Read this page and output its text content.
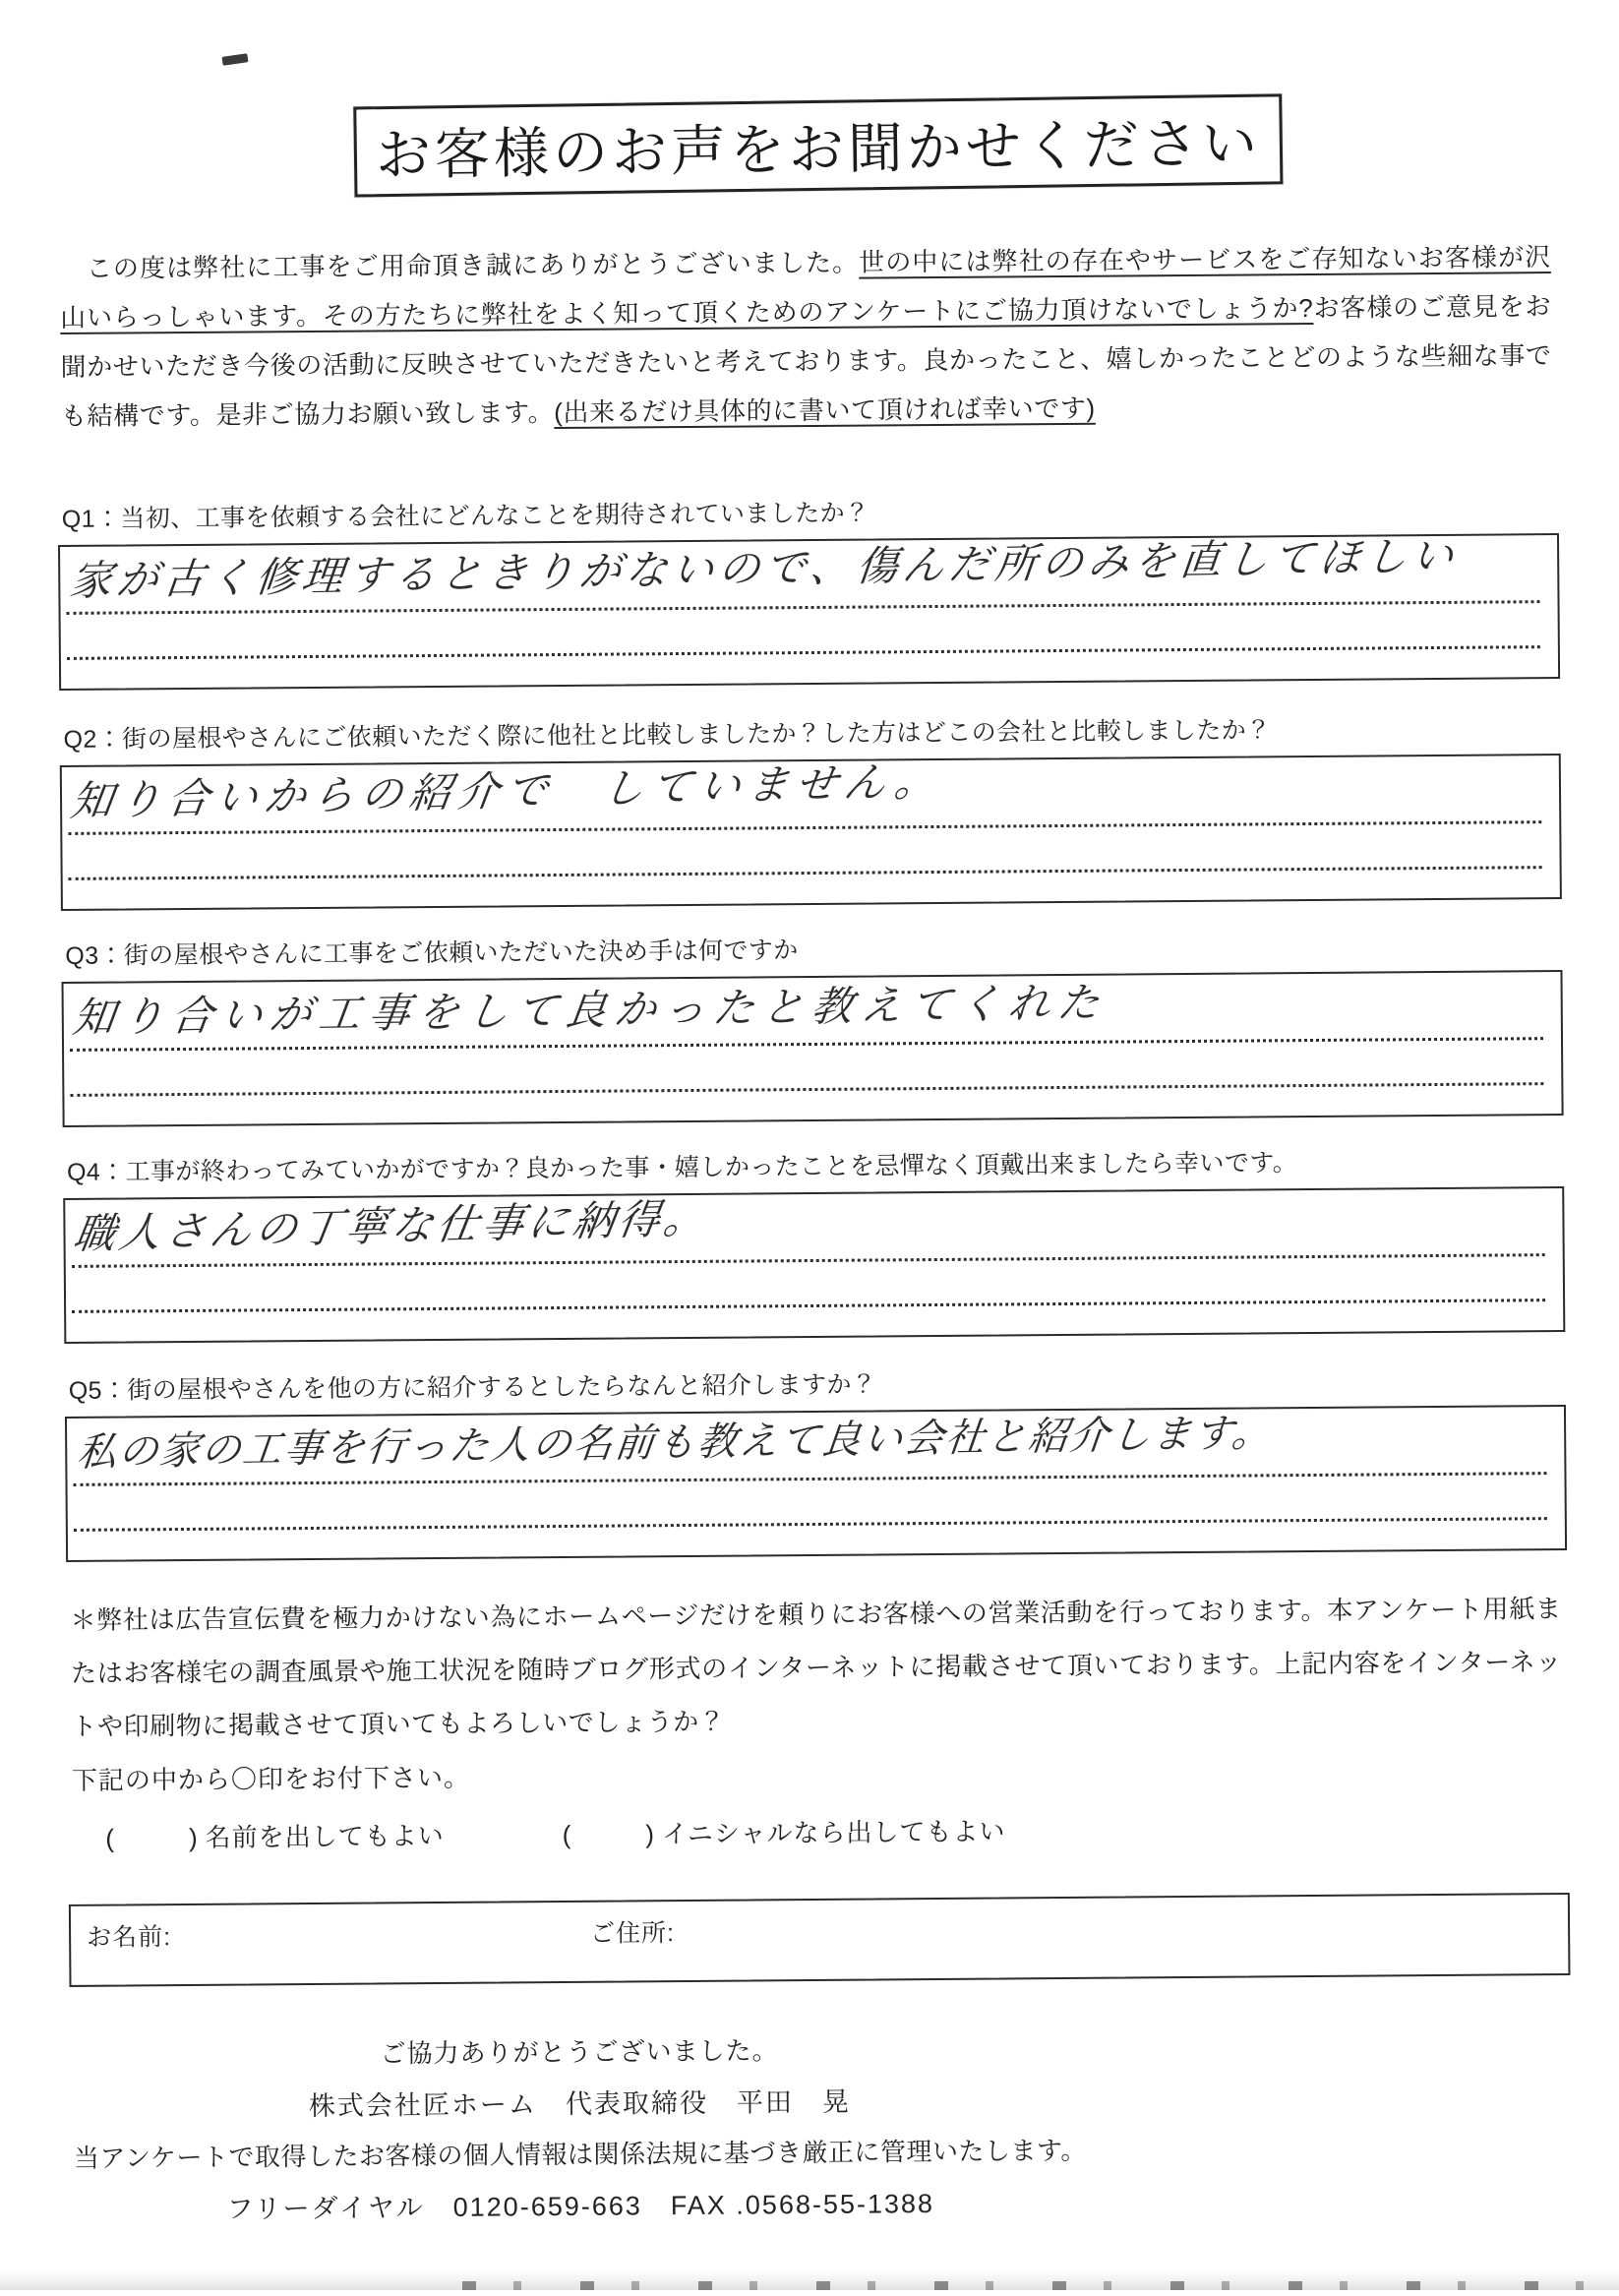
お客様のお声をお聞かせください

　この度は弊社に工事をご用命頂き誠にありがとうございました。世の中には弊社の存在やサービスをご存知ないお客様が沢山いらっしゃいます。その方たちに弊社をよく知って頂くためのアンケートにご協力頂けないでしょうか?お客様のご意見をお聞かせいただき今後の活動に反映させていただきたいと考えております。良かったこと、嬉しかったことどのような些細な事でも結構です。是非ご協力お願い致します。(出来るだけ具体的に書いて頂ければ幸いです)

Q1：当初、工事を依頼する会社にどんなことを期待されていましたか？
家が古く修理するときりがないので、傷んだ所のみを直してほしい
Q2：街の屋根やさんにご依頼いただく際に他社と比較しましたか？した方はどこの会社と比較しましたか？
知り合いからの紹介で　していません。
Q3：街の屋根やさんに工事をご依頼いただいた決め手は何ですか
知り合いが工事をして良かったと教えてくれた
Q4：工事が終わってみていかがですか？良かった事・嬉しかったことを忌憚なく頂戴出来ましたら幸いです。
職人さんの丁寧な仕事に納得。
Q5：街の屋根やさんを他の方に紹介するとしたらなんと紹介しますか？
私の家の工事を行った人の名前も教えて良い会社と紹介します。

＊弊社は広告宣伝費を極力かけない為にホームページだけを頼りにお客様への営業活動を行っております。本アンケート用紙またはお客様宅の調査風景や施工状況を随時ブログ形式のインターネットに掲載させて頂いております。上記内容をインターネットや印刷物に掲載させて頂いてもよろしいでしょうか？

下記の中から〇印をお付下さい。
(　　)名前を出してもよい	(　　)イニシャルなら出してもよい
お名前:	ご住所:
ご協力ありがとうございました。
株式会社匠ホーム　代表取締役　平田　晃
当アンケートで取得したお客様の個人情報は関係法規に基づき厳正に管理いたします。
フリーダイヤル　0120-659-663　FAX .0568-55-1388
